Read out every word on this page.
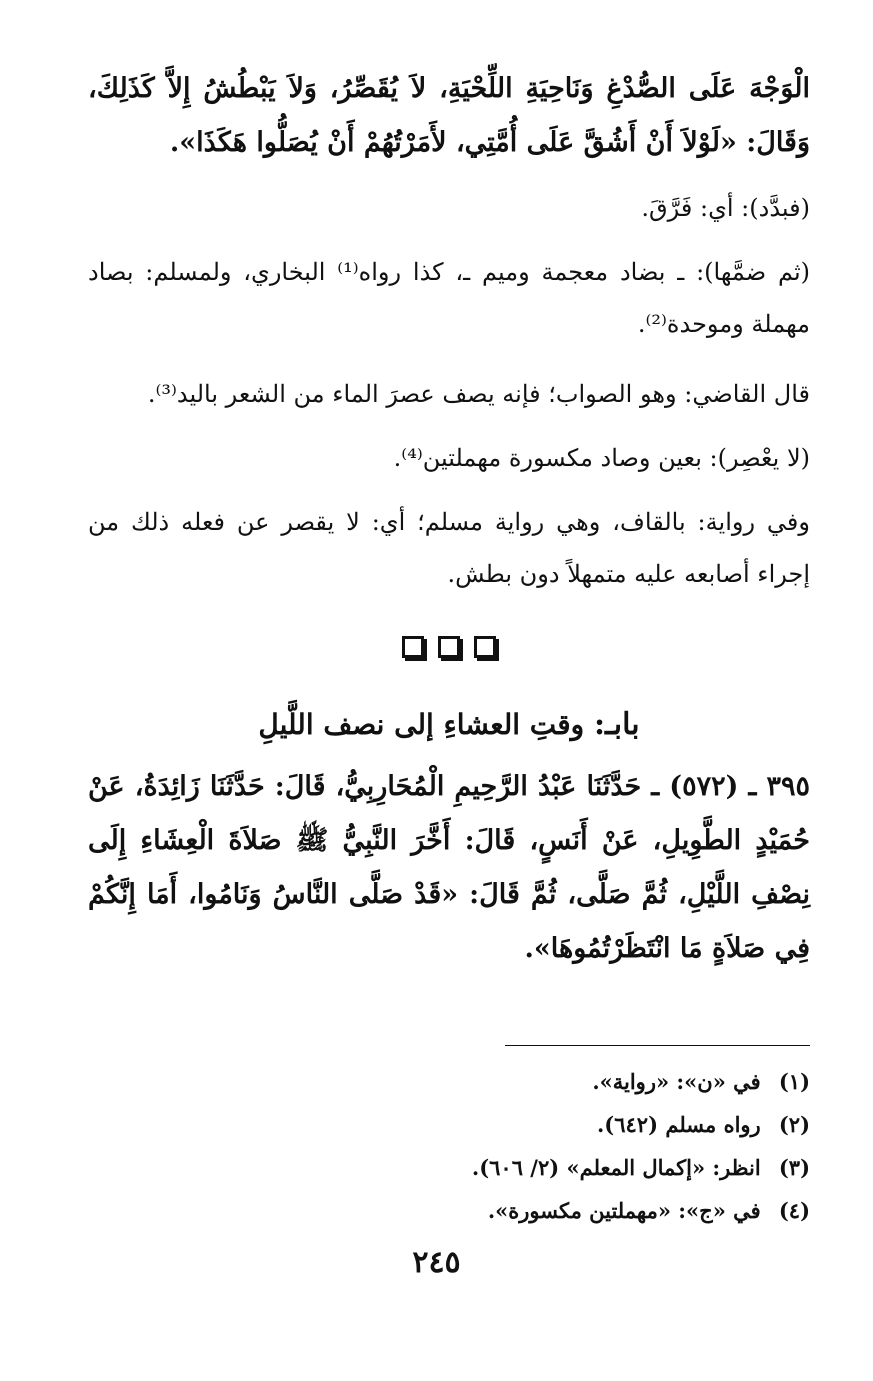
الْوَجْهَ عَلَى الصُّدْغِ وَنَاحِيَةِ اللِّحْيَةِ، لاَ يُقَصِّرُ، وَلاَ يَبْطُشُ إِلاَّ كَذَلِكَ، وَقَالَ: «لَوْلاَ أَنْ أَشُقَّ عَلَى أُمَّتِي، لأَمَرْتُهُمْ أَنْ يُصَلُّوا هَكَذَا».

(فبدَّد): أي: فَرَّقَ.

(ثم ضمَّها): ـ بضاد معجمة وميم ـ، كذا رواه⁽¹⁾ البخاري، ولمسلم: بصاد مهملة وموحدة⁽²⁾.

قال القاضي: وهو الصواب؛ فإنه يصف عصرَ الماء من الشعر باليد⁽³⁾.

(لا يعْصِر): بعين وصاد مكسورة مهملتين⁽⁴⁾.

وفي رواية: بالقاف، وهي رواية مسلم؛ أي: لا يقصر عن فعله ذلك من إجراء أصابعه عليه متمهلاً دون بطش.

بابـ: وقتِ العشاءِ إلى نصف اللَّيلِ

٣٩٥ ـ (٥٧٢) ـ حَدَّثَنَا عَبْدُ الرَّحِيمِ الْمُحَارِبِيُّ، قَالَ: حَدَّثَنَا زَائِدَةُ، عَنْ حُمَيْدٍ الطَّوِيلِ، عَنْ أَنَسٍ، قَالَ: أَخَّرَ النَّبِيُّ ﷺ صَلاَةَ الْعِشَاءِ إِلَى نِصْفِ اللَّيْلِ، ثُمَّ صَلَّى، ثُمَّ قَالَ: «قَدْ صَلَّى النَّاسُ وَنَامُوا، أَمَا إِنَّكُمْ فِي صَلاَةٍ مَا انْتَظَرْتُمُوهَا».

(١) في «ن»: «رواية».

(٢) رواه مسلم (٦٤٢).

(٣) انظر: «إكمال المعلم» (٢/ ٦٠٦).

(٤) في «ج»: «مهملتين مكسورة».

٢٤٥
